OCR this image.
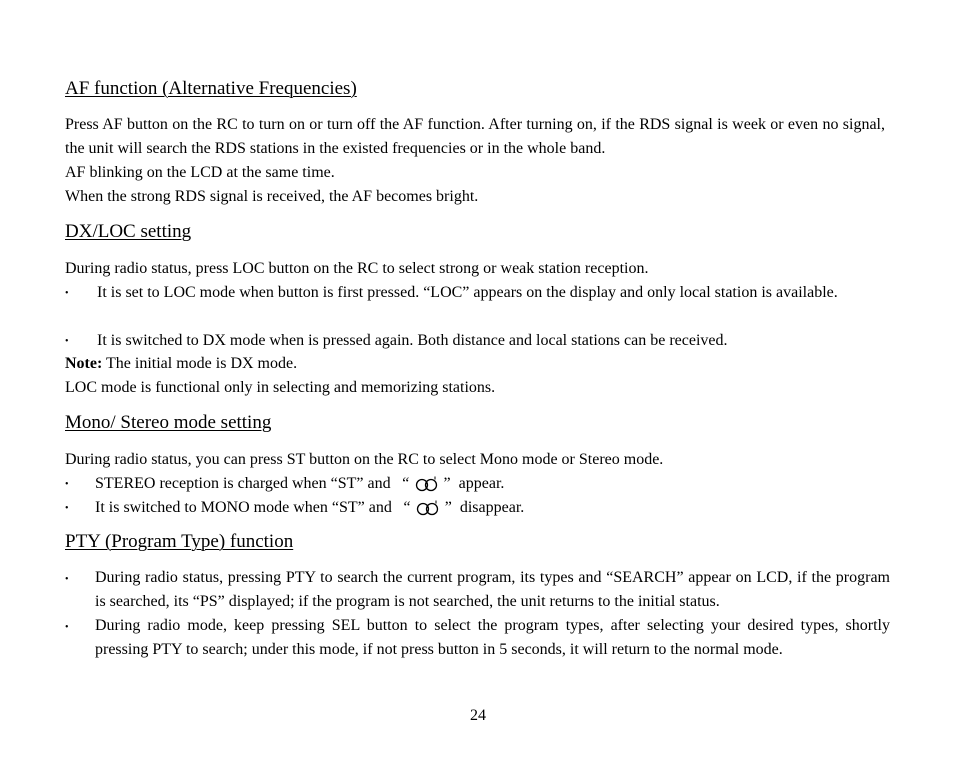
AF function (Alternative Frequencies)
Press AF button on the RC to turn on or turn off the AF function. After turning on, if the RDS signal is week or even no signal, the unit will search the RDS stations in the existed frequencies or in the whole band.
AF blinking on the LCD at the same time.
When the strong RDS signal is received, the AF becomes bright.
DX/LOC setting
During radio status, press LOC button on the RC to select strong or weak station reception.
• It is set to LOC mode when button is first pressed. “LOC” appears on the display and only local station is available.
• It is switched to DX mode when is pressed again. Both distance and local stations can be received.
Note: The initial mode is DX mode.
LOC mode is functional only in selecting and memorizing stations.
Mono/ Stereo mode setting
During radio status, you can press ST button on the RC to select Mono mode or Stereo mode.
• STEREO reception is charged when “ST” and “ ” appear.
• It is switched to MONO mode when “ST” and “ ” disappear.
PTY (Program Type) function
• During radio status, pressing PTY to search the current program, its types and “SEARCH” appear on LCD, if the program is searched, its “PS” displayed; if the program is not searched, the unit returns to the initial status.
• During radio mode, keep pressing SEL button to select the program types, after selecting your desired types, shortly pressing PTY to search; under this mode, if not press button in 5 seconds, it will return to the normal mode.
24
